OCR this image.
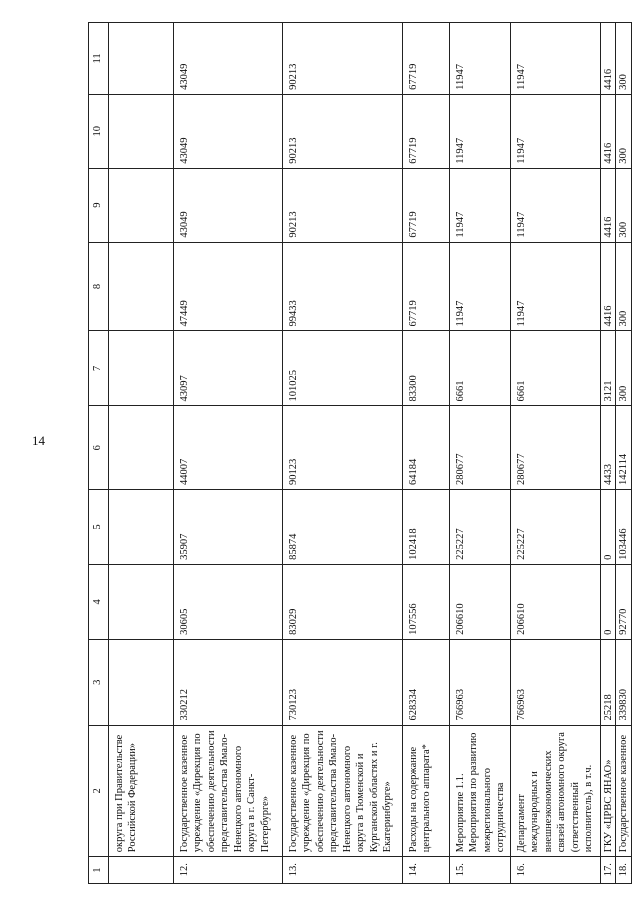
14
1	2	3	4	5	6	7	8	9	10	11
	округа при Правительстве Российской Федерации»									
12.	Государственное казенное учреждение «Дирекция по обеспечению деятельности представительства Ямало-Ненецкого автономного округа в г. Санкт-Петербурге»	330212	30605	35907	44007	43097	47449	43049	43049	43049
13.	Государственное казенное учреждение «Дирекция по обеспечению деятельности представительства Ямало-Ненецкого автономного округа в Тюменской и Курганской областях и г. Екатеринбурге»	730123	83029	85874	90123	101025	99433	90213	90213	90213
14.	Расходы на содержание центрального аппарата*	628334	107556	102418	64184	83300	67719	67719	67719	67719
15.	Мероприятие 1.1. Мероприятия по развитию межрегионального сотрудничества	766963	206610	225227	280677	6661	11947	11947	11947	11947
16.	Департамент международных и внешнеэкономических связей автономного округа (ответственный исполнитель), в т.ч.	766963	206610	225227	280677	6661	11947	11947	11947	11947
17.	ГКУ «ЦРВС ЯНАО»	25218	0	0	4433	3121	4416	4416	4416	4416
18.	Государственное казенное	339830	92770	103446	142114	300	300	300	300	300
